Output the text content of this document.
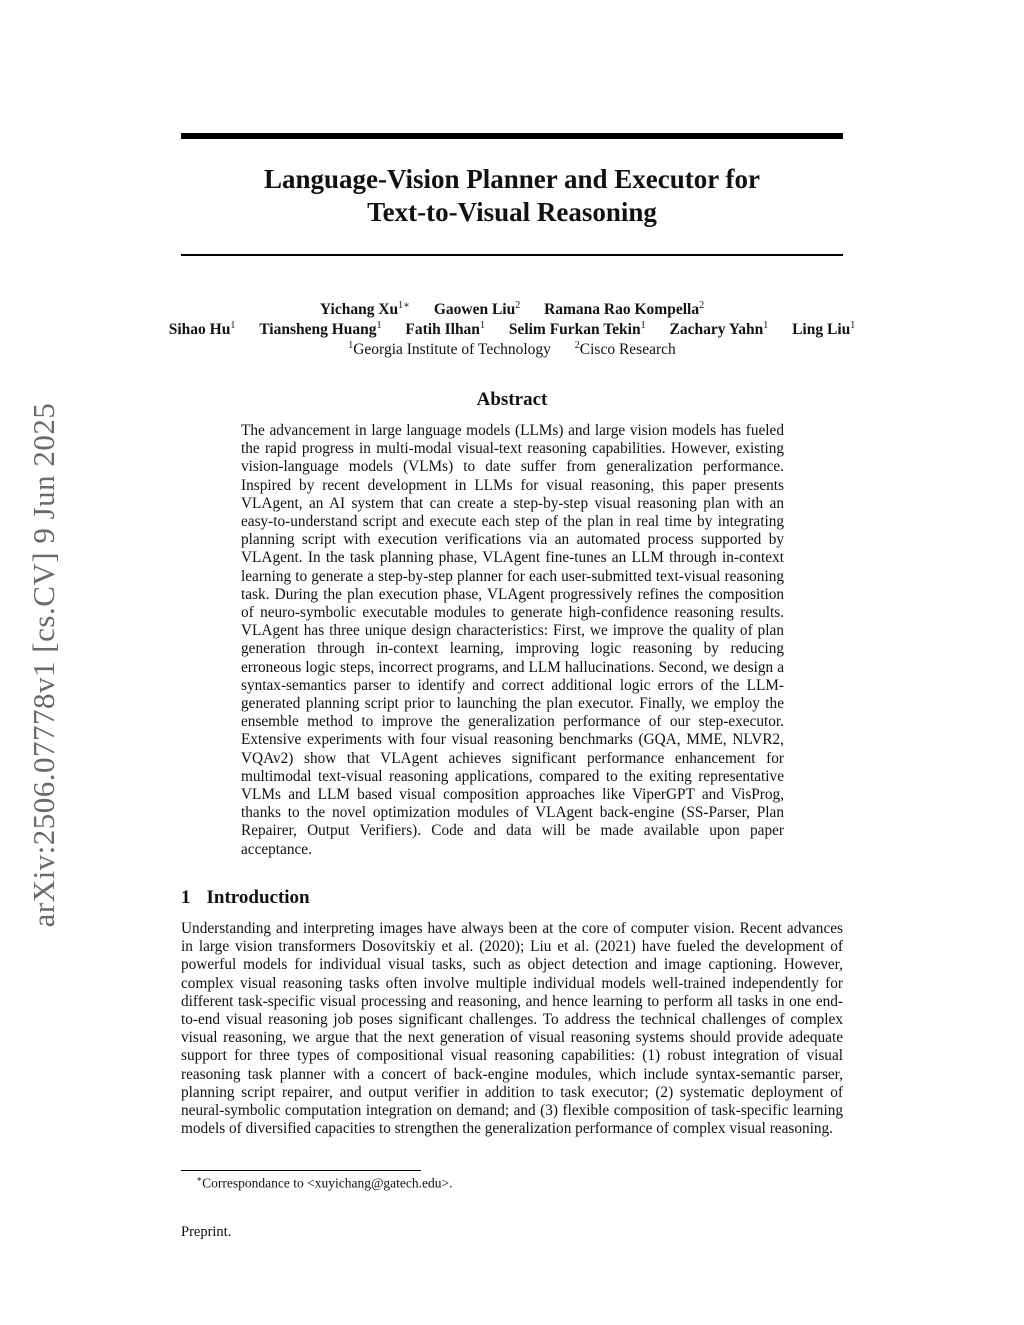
Language-Vision Planner and Executor for
Text-to-Visual Reasoning
Yichang $Xu^{1∗}$ Gaowen Liu$^2$ Ramana Rao Kompella$^2$
Sihao Hu$^1$ Tiansheng Huang$^1$ Fatih Ilhan$^1$ Selim Furkan Tekin$^1$ Zachary Yahn$^1$ Ling Liu$^1$
$^1$Georgia Institute of Technology $^2$Cisco Research
Abstract
The advancement in large language models (LLMs) and large vision models has fueled the rapid progress in multi-modal visual-text reasoning capabilities. However, existing vision-language models (VLMs) to date suffer from generalization performance. Inspired by recent development in LLMs for visual reasoning, this paper presents VLAgent, an AI system that can create a step-by-step visual reasoning plan with an easy-to-understand script and execute each step of the plan in real time by integrating planning script with execution verifications via an automated process supported by VLAgent. In the task planning phase, VLAgent fine-tunes an LLM through in-context learning to generate a step-by-step planner for each user-submitted text-visual reasoning task. During the plan execution phase, VLAgent progressively refines the composition of neuro-symbolic executable modules to generate high-confidence reasoning results. VLAgent has three unique design characteristics: First, we improve the quality of plan generation through in-context learning, improving logic reasoning by reducing erroneous logic steps, incorrect programs, and LLM hallucinations. Second, we design a syntax-semantics parser to identify and correct additional logic errors of the LLM-generated planning script prior to launching the plan executor. Finally, we employ the ensemble method to improve the generalization performance of our step-executor. Extensive experiments with four visual reasoning benchmarks (GQA, MME, NLVR2, VQAv2) show that VLAgent achieves significant performance enhancement for multimodal text-visual reasoning applications, compared to the exiting representative VLMs and LLM based visual composition approaches like ViperGPT and VisProg, thanks to the novel optimization modules of VLAgent back-engine (SS-Parser, Plan Repairer, Output Verifiers). Code and data will be made available upon paper acceptance.
1 Introduction
Understanding and interpreting images have always been at the core of computer vision. Recent advances in large vision transformers Dosovitskiy et al. (2020); Liu et al. (2021) have fueled the development of powerful models for individual visual tasks, such as object detection and image captioning. However, complex visual reasoning tasks often involve multiple individual models well-trained independently for different task-specific visual processing and reasoning, and hence learning to perform all tasks in one end-to-end visual reasoning job poses significant challenges. To address the technical challenges of complex visual reasoning, we argue that the next generation of visual reasoning systems should provide adequate support for three types of compositional visual reasoning capabilities: (1) robust integration of visual reasoning task planner with a concert of back-engine modules, which include syntax-semantic parser, planning script repairer, and output verifier in addition to task executor; (2) systematic deployment of neural-symbolic computation integration on demand; and (3) flexible composition of task-specific learning models of diversified capacities to strengthen the generalization performance of complex visual reasoning.
∗Correspondance to <xuyichang@gatech.edu>.
Preprint.
arXiv:2506.07778v1 [cs.CV] 9 Jun 2025
